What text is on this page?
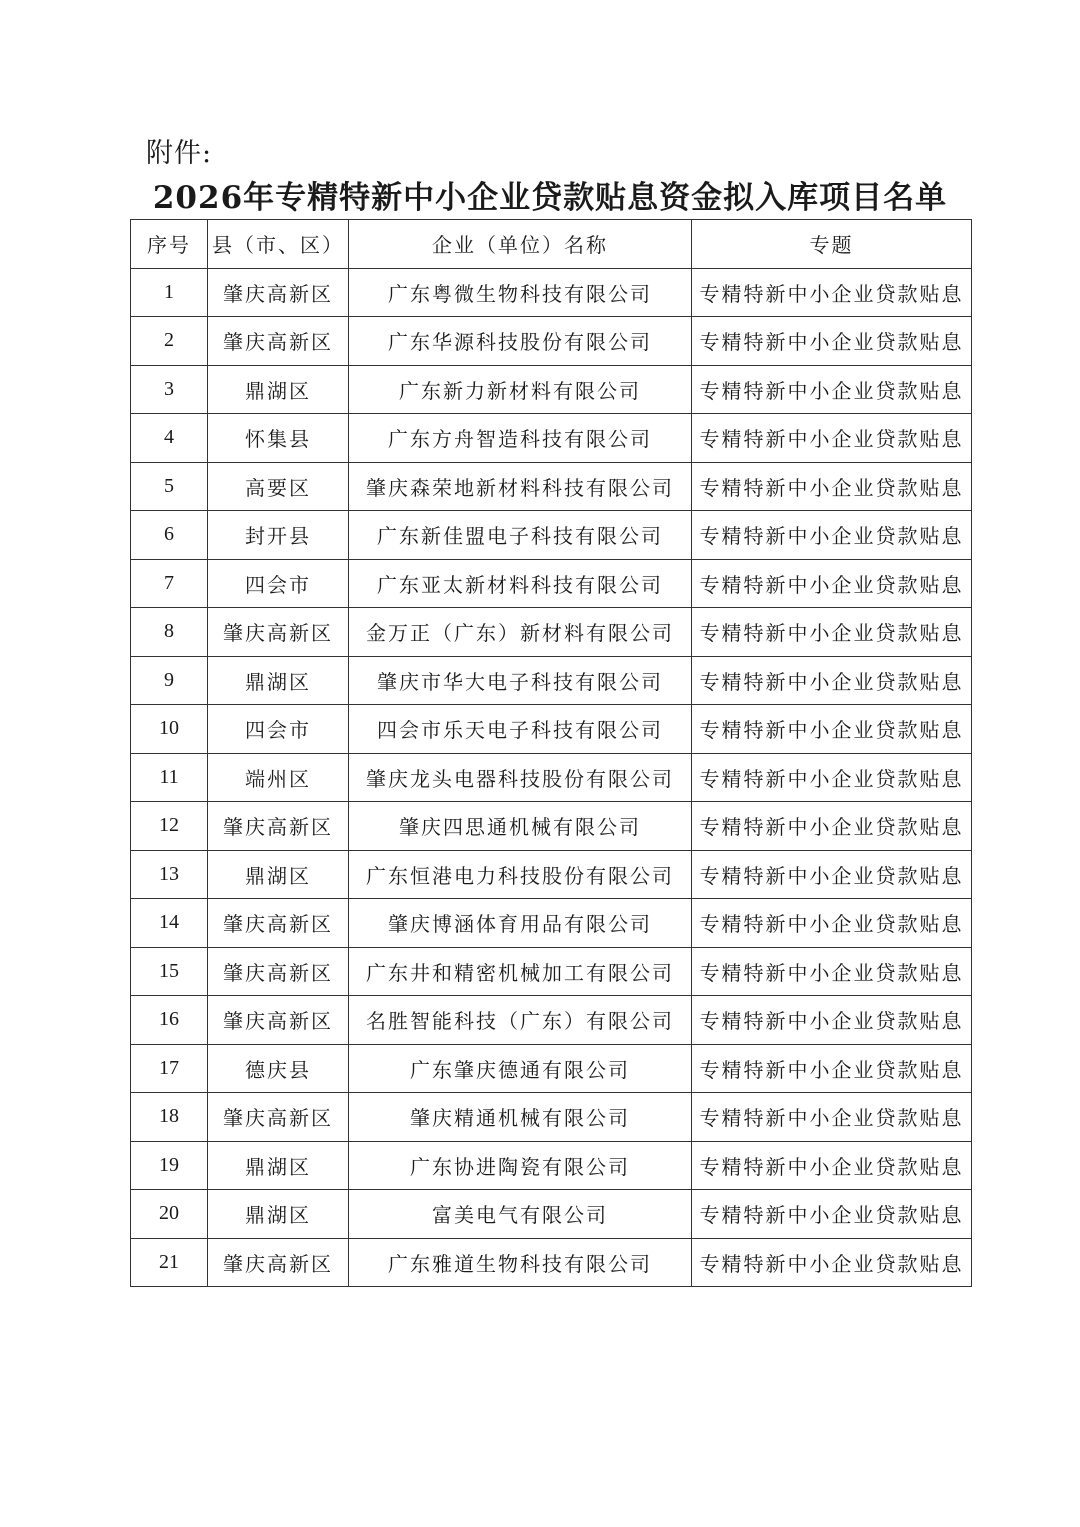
附件:
2026年专精特新中小企业贷款贴息资金拟入库项目名单
序号	县（市、区）	企业（单位）名称	专题
1	肇庆高新区	广东粤微生物科技有限公司	专精特新中小企业贷款贴息
2	肇庆高新区	广东华源科技股份有限公司	专精特新中小企业贷款贴息
3	鼎湖区	广东新力新材料有限公司	专精特新中小企业贷款贴息
4	怀集县	广东方舟智造科技有限公司	专精特新中小企业贷款贴息
5	高要区	肇庆森荣地新材料科技有限公司	专精特新中小企业贷款贴息
6	封开县	广东新佳盟电子科技有限公司	专精特新中小企业贷款贴息
7	四会市	广东亚太新材料科技有限公司	专精特新中小企业贷款贴息
8	肇庆高新区	金万正（广东）新材料有限公司	专精特新中小企业贷款贴息
9	鼎湖区	肇庆市华大电子科技有限公司	专精特新中小企业贷款贴息
10	四会市	四会市乐天电子科技有限公司	专精特新中小企业贷款贴息
11	端州区	肇庆龙头电器科技股份有限公司	专精特新中小企业贷款贴息
12	肇庆高新区	肇庆四思通机械有限公司	专精特新中小企业贷款贴息
13	鼎湖区	广东恒港电力科技股份有限公司	专精特新中小企业贷款贴息
14	肇庆高新区	肇庆博涵体育用品有限公司	专精特新中小企业贷款贴息
15	肇庆高新区	广东井和精密机械加工有限公司	专精特新中小企业贷款贴息
16	肇庆高新区	名胜智能科技（广东）有限公司	专精特新中小企业贷款贴息
17	德庆县	广东肇庆德通有限公司	专精特新中小企业贷款贴息
18	肇庆高新区	肇庆精通机械有限公司	专精特新中小企业贷款贴息
19	鼎湖区	广东协进陶瓷有限公司	专精特新中小企业贷款贴息
20	鼎湖区	富美电气有限公司	专精特新中小企业贷款贴息
21	肇庆高新区	广东雅道生物科技有限公司	专精特新中小企业贷款贴息
